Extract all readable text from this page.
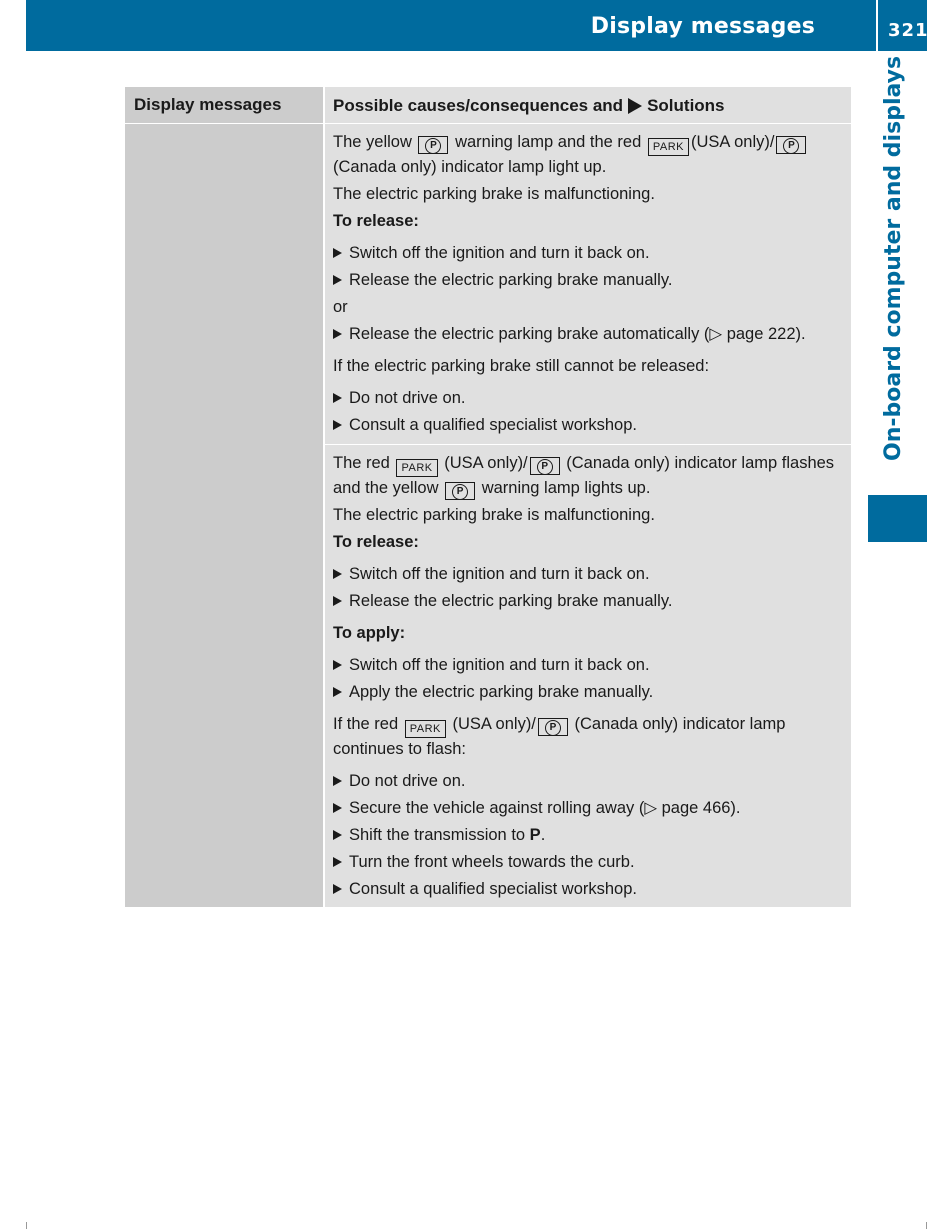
Display messages	321
On-board computer and displays
Display messages	Possible causes/consequences and Solutions

The yellow P warning lamp and the red PARK (USA only)/ P (Canada only) indicator lamp light up.

The electric parking brake is malfunctioning.

To release:

Switch off the ignition and turn it back on.
Release the electric parking brake manually.

or

Release the electric parking brake automatically (▷ page 222).

If the electric parking brake still cannot be released:

Do not drive on.
Consult a qualified specialist workshop.

The red PARK (USA only)/ P (Canada only) indicator lamp flashes and the yellow P warning lamp lights up.

The electric parking brake is malfunctioning.

To release:

Switch off the ignition and turn it back on.
Release the electric parking brake manually.

To apply:

Switch off the ignition and turn it back on.
Apply the electric parking brake manually.

If the red PARK (USA only)/ P (Canada only) indicator lamp continues to flash:

Do not drive on.
Secure the vehicle against rolling away (▷ page 466).
Shift the transmission to P.
Turn the front wheels towards the curb.
Consult a qualified specialist workshop.
